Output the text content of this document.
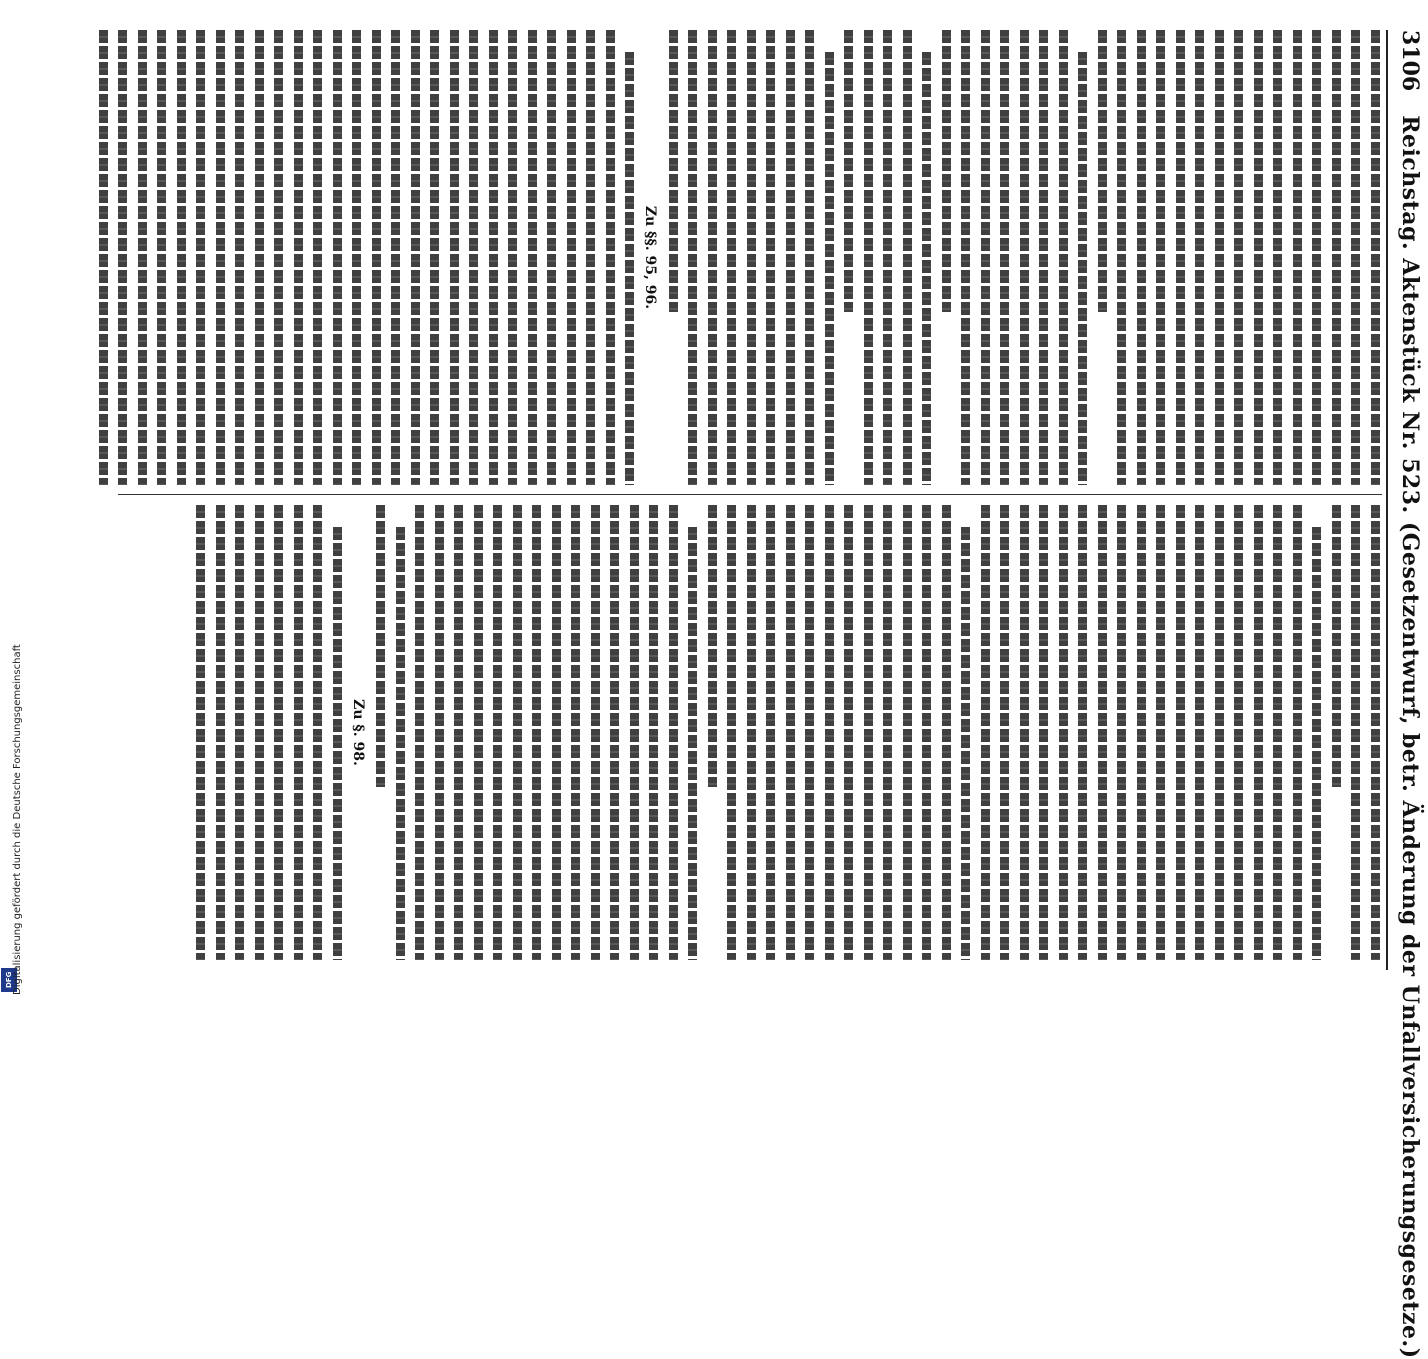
DFG Digitalisierung gefördert durch die Deutsche Forschungsgemeinschaft
3106
Reichstag. Aktenstück Nr. 523. (Gesetzentwurf, betr. Änderung der Unfallversicherungsgesetze.)
Zu §§. 95, 96.
Zu §. 98.
